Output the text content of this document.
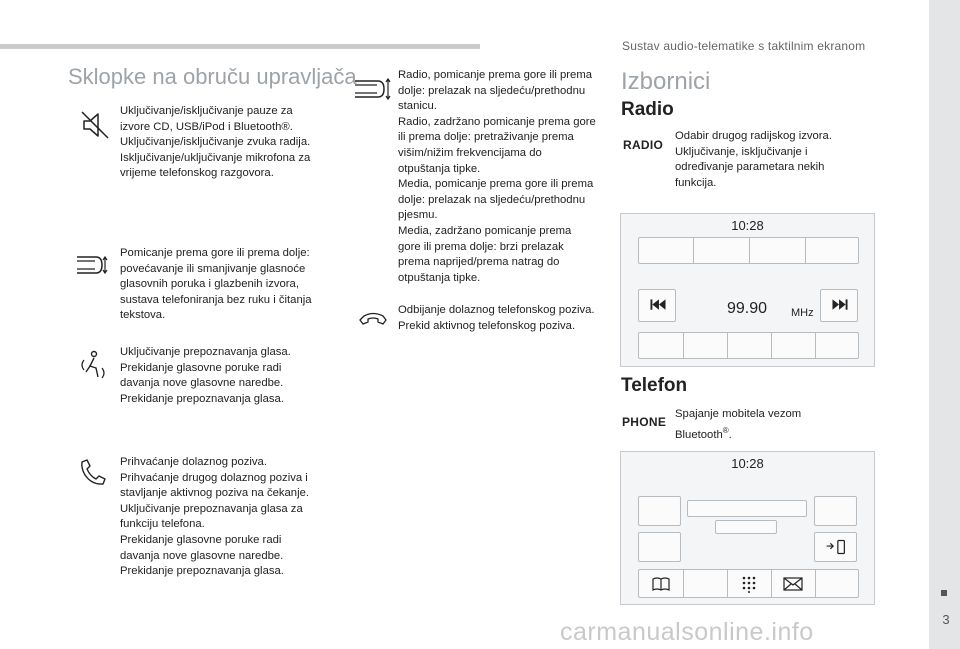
Sustav audio-telematike s taktilnim ekranom
3
Sklopke na obruču upravljača

Uključivanje/isključivanje pauze za izvore CD, USB/iPod i Bluetooth®.

Uključivanje/isključivanje zvuka radija.

Isključivanje/uključivanje mikrofona za vrijeme telefonskog razgovora.

Pomicanje prema gore ili prema dolje: povećavanje ili smanjivanje glasnoće glasovnih poruka i glazbenih izvora, sustava telefoniranja bez ruku i čitanja tekstova.

Uključivanje prepoznavanja glasa.

Prekidanje glasovne poruke radi davanja nove glasovne naredbe.

Prekidanje prepoznavanja glasa.

Prihvaćanje dolaznog poziva.

Prihvaćanje drugog dolaznog poziva i stavljanje aktivnog poziva na čekanje.

Uključivanje prepoznavanja glasa za funkciju telefona.

Prekidanje glasovne poruke radi davanja nove glasovne naredbe.

Prekidanje prepoznavanja glasa.

Radio, pomicanje prema gore ili prema dolje: prelazak na sljedeću/prethodnu stanicu.

Radio, zadržano pomicanje prema gore ili prema dolje: pretraživanje prema višim/nižim frekvencijama do otpuštanja tipke.

Media, pomicanje prema gore ili prema dolje: prelazak na sljedeću/prethodnu pjesmu.

Media, zadržano pomicanje prema gore ili prema dolje: brzi prelazak prema naprijed/prema natrag do otpuštanja tipke.

Odbijanje dolaznog telefonskog poziva.

Prekid aktivnog telefonskog poziva.

Izbornici
Radio
RADIO

Odabir drugog radijskog izvora.

Uključivanje, isključivanje i određivanje parametara nekih funkcija.

10:28
99.90 MHz
Telefon
PHONE

Spajanje mobitela vezom

Bluetooth®.

10:28
carmanualsonline.info
